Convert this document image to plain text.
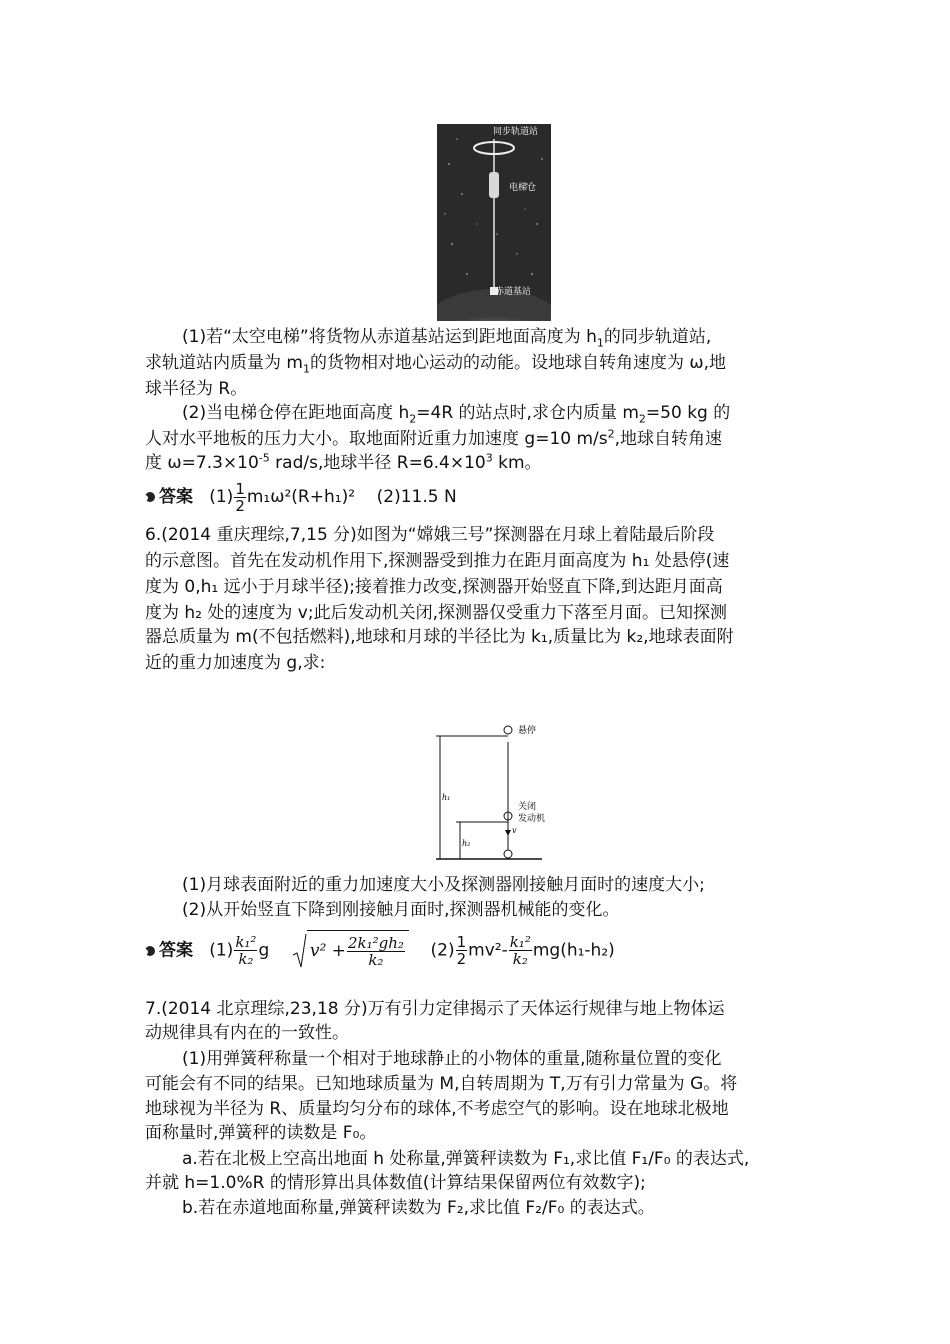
同步轨道站
电梯仓
赤道基站
(1)若“太空电梯”将货物从赤道基站运到距地面高度为 $h_1$的同步轨道站,
求轨道站内质量为 $m_1$的货物相对地心运动的动能。设地球自转角速度为 ω,地
球半径为 R。
(2)当电梯仓停在距地面高度 $h_2=4R$ 的站点时,求仓内质量 $m_2=50$ kg 的
人对水平地板的压力大小。取地面附近重力加速度 g=10 $m/s^2$,地球自转角速
度 $\omega=7.3\times 10^{-5}$ rad/s,地球半径 $R=6.4\times 10^3$ km。
答案 $(1) \frac{1}{2} m_1\omega^2(R+h_1)^2$ (2)11.5 N
6.(2014 重庆理综,7,15 分)如图为“嫦娥三号”探测器在月球上着陆最后阶段
的示意图。首先在发动机作用下,探测器受到推力在距月面高度为 h₁ 处悬停(速
度为 0,h₁ 远小于月球半径);接着推力改变,探测器开始竖直下降,到达距月面高
度为 h₂ 处的速度为 v;此后发动机关闭,探测器仅受重力下落至月面。已知探测
器总质量为 m(不包括燃料),地球和月球的半径比为 k₁,质量比为 k₂,地球表面附
近的重力加速度为 g,求:
悬停
关闭
发动机
h₁
h₂
v
(1)月球表面附近的重力加速度大小及探测器刚接触月面时的速度大小;
(2)从开始竖直下降到刚接触月面时,探测器机械能的变化。
答案 $(1) \frac{\text{k₁²}}{\text{k₂}}$ g $v^2 + \frac{\text{2k₁²gh₂}}{\text{k₂}} (2) \frac{1}{2} mv^2- \frac{\text{k₁²}}{\text{k₂}} mg(h_1-h_2)$
7.(2014 北京理综,23,18 分)万有引力定律揭示了天体运行规律与地上物体运
动规律具有内在的一致性。
(1)用弹簧秤称量一个相对于地球静止的小物体的重量,随称量位置的变化
可能会有不同的结果。已知地球质量为 M,自转周期为 T,万有引力常量为 G。将
地球视为半径为 R、质量均匀分布的球体,不考虑空气的影响。设在地球北极地
面称量时,弹簧秤的读数是 F₀。
a.若在北极上空高出地面 h 处称量,弹簧秤读数为 F₁,求比值 F₁/F₀ 的表达式,
并就 h=1.0%R 的情形算出具体数值(计算结果保留两位有效数字);
b.若在赤道地面称量,弹簧秤读数为 F₂,求比值 F₂/F₀ 的表达式。
